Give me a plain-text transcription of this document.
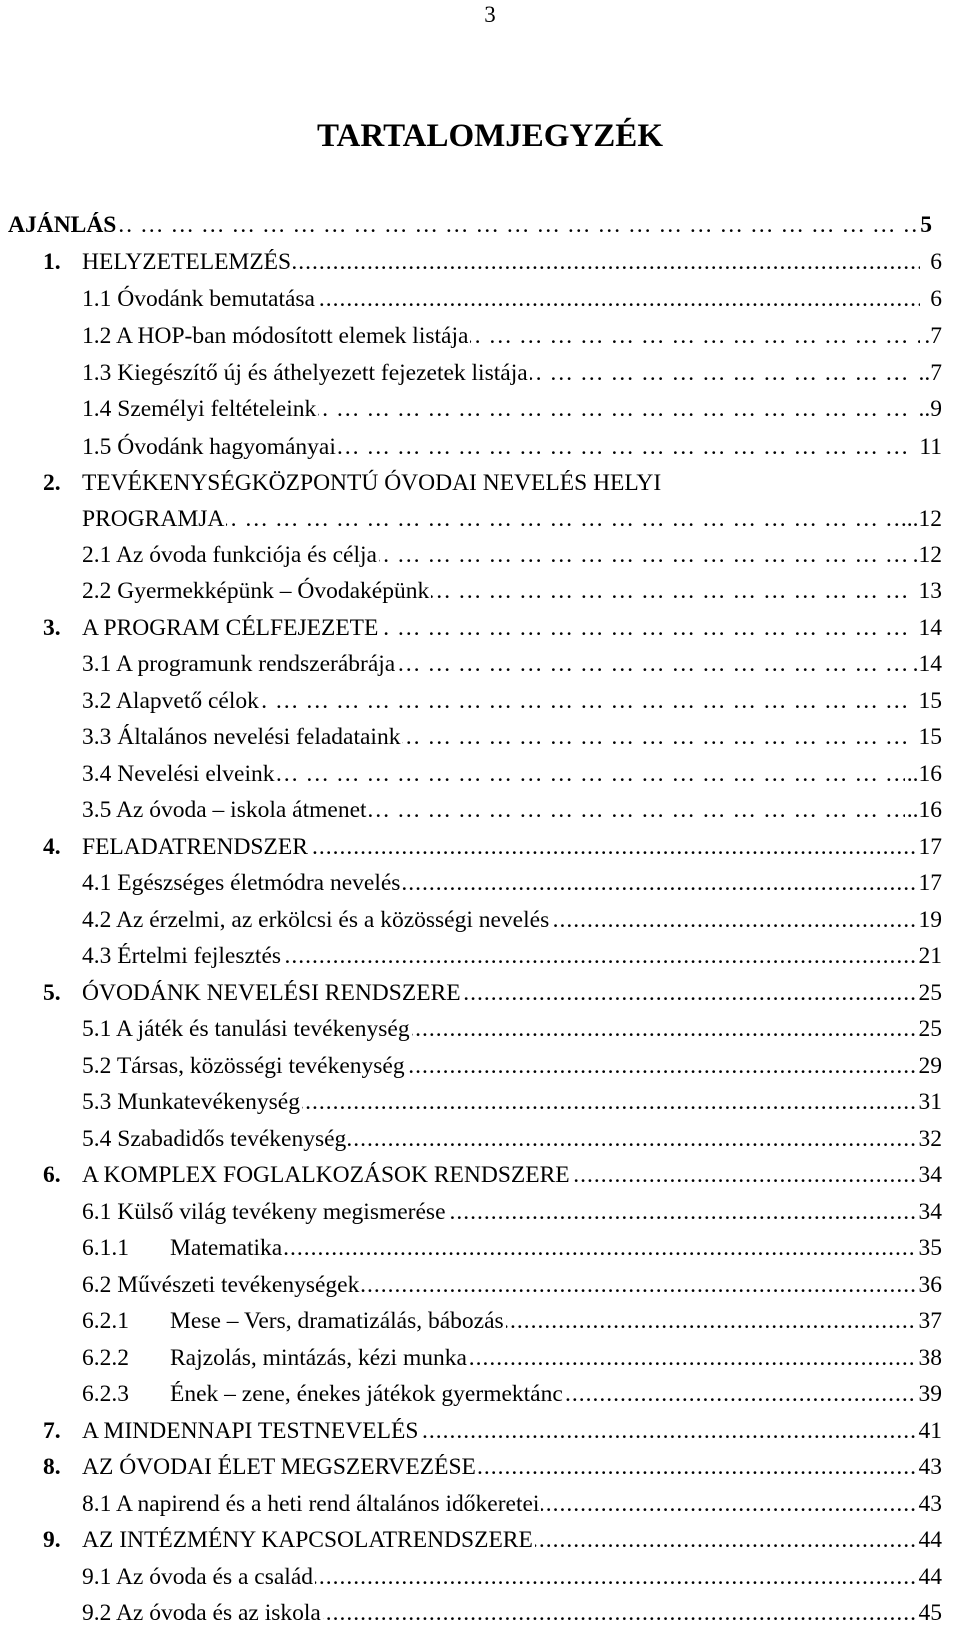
3
TARTALOMJEGYZÉK
AJÁNLÁS ……………………………………………………………………………………………………………………………………………………	5
1. HELYZETELEMZÉS .....	6
1.1 Óvodánk bemutatása .....	6
1.2 A HOP-ban módosított elemek listája ……………………………………………………………………………………………………………………………………………………	.7
1.3 Kiegészítő új és áthelyezett fejezetek listája ……………………………………………………………………………………………………………………………………………………	..7
1.4 Személyi feltételeink ……………………………………………………………………………………………………………………………………………………	..9
1.5 Óvodánk hagyományai ……………………………………………………………………………………………………………………………………………………	11
2. TEVÉKENYSÉGKÖZPONTÚ ÓVODAI NEVELÉS HELYI
PROGRAMJA ……………………………………………………………………………………………………………………………………………………	...12
2.1 Az óvoda funkciója és célja ……………………………………………………………………………………………………………………………………………………	.12
2.2 Gyermekképünk – Óvodaképünk ……………………………………………………………………………………………………………………………………………………	13
3. A PROGRAM CÉLFEJEZETE ……………………………………………………………………………………………………………………………………………………	14
3.1 A programunk rendszerábrája ……………………………………………………………………………………………………………………………………………………	.14
3.2 Alapvető célok ……………………………………………………………………………………………………………………………………………………	15
3.3 Általános nevelési feladataink ……………………………………………………………………………………………………………………………………………………	15
3.4 Nevelési elveink ……………………………………………………………………………………………………………………………………………………	..16
3.5 Az óvoda – iskola átmenet ……………………………………………………………………………………………………………………………………………………	..16
4. FELADATRENDSZER .....	17
4.1 Egészséges életmódra nevelés .....	17
4.2 Az érzelmi, az erkölcsi és a közösségi nevelés .....	19
4.3 Értelmi fejlesztés .....	21
5. ÓVODÁNK NEVELÉSI RENDSZERE .....	25
5.1 A játék és tanulási tevékenység .....	25
5.2 Társas, közösségi tevékenység .....	29
5.3 Munkatevékenység .....	31
5.4 Szabadidős tevékenység .....	32
6. A KOMPLEX FOGLALKOZÁSOK RENDSZERE .....	34
6.1 Külső világ tevékeny megismerése .....	34
6.1.1 Matematika .....	35
6.2 Művészeti tevékenységek .....	36
6.2.1 Mese – Vers, dramatizálás, bábozás .....	37
6.2.2 Rajzolás, mintázás, kézi munka .....	38
6.2.3 Ének – zene, énekes játékok gyermektánc .....	39
7. A MINDENNAPI TESTNEVELÉS .....	41
8. AZ ÓVODAI ÉLET MEGSZERVEZÉSE .....	43
8.1 A napirend és a heti rend általános időkeretei .....	43
9. AZ INTÉZMÉNY KAPCSOLATRENDSZERE .....	44
9.1 Az óvoda és a család .....	44
9.2 Az óvoda és az iskola .....	45
